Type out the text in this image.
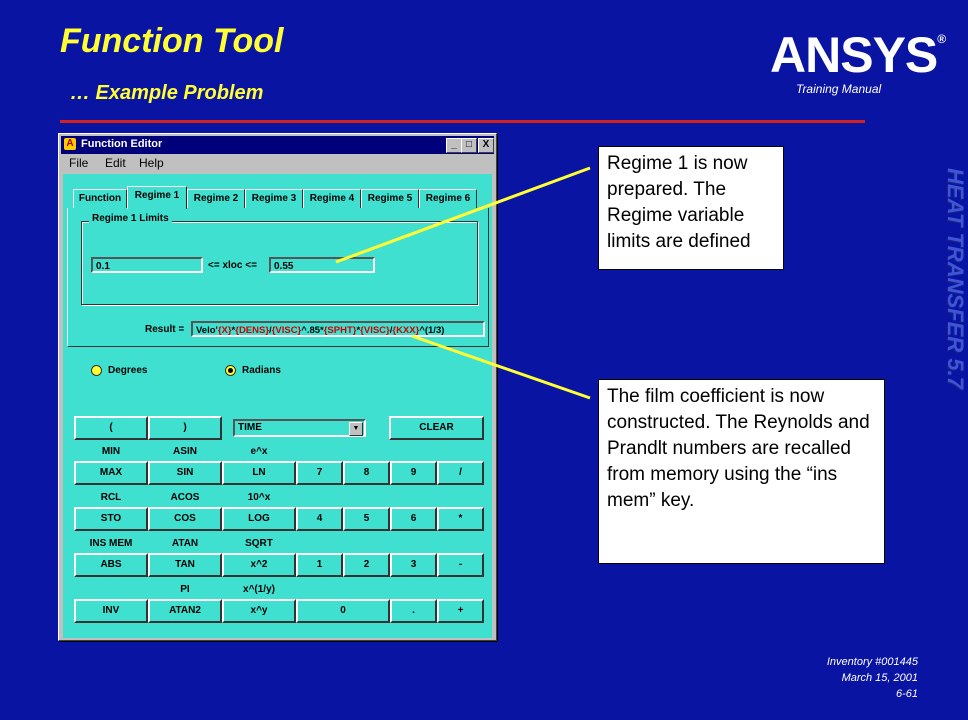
Function Tool
… Example Problem
ANSYS®
Training Manual
HEAT TRANSFER 5.7
Inventory #001445
March 15, 2001
6-61
A Function Editor	_ □	X
File Edit Help
Function	Regime 1	Regime 2	Regime 3	Regime 4	Regime 5	Regime 6
Regime 1 Limits
0.1	<= xloc <=	0.55
Result =	Velo'{X}*{DENS}/{VISC}^.85*{SPHT}*{VISC}/{KXX}^(1/3)
Degrees	Radians
(	)	CLEAR
MIN	ASIN	e^x
MAX	SIN	LN	7	8	9	/
RCL	ACOS	10^x
STO	COS	LOG	4	5	6	*
INS MEM	ATAN	SQRT
ABS	TAN	x^2	1	2	3	-
PI	x^(1/y)
INV	ATAN2	x^y	0	.	+
TIME	▼
Regime 1 is now prepared. The Regime variable limits are defined
The film coefficient is now constructed. The Reynolds and Prandlt numbers are recalled from memory using the “ins mem” key.
